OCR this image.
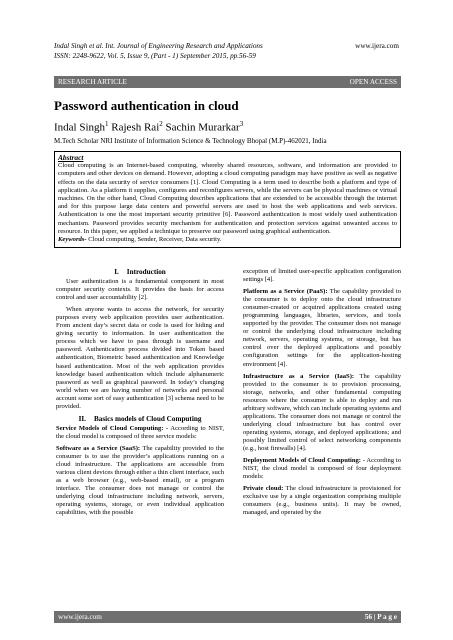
Indal Singh et al. Int. Journal of Engineering Research and Applications
ISSN: 2248-9622, Vol. 5, Issue 9, (Part - 1) September 2015, pp.56-59
www.ijera.com
RESEARCH ARTICLE	OPEN ACCESS
Password authentication in cloud
Indal Singh$^1$ Rajesh Rai$^2$ Sachin Murarkar$^3$
M.Tech Scholar NRI Institute of Information Science & Technology Bhopal (M.P)-462021, India
Abstract

Cloud computing is an Internet-based computing, whereby shared resources, software, and information are provided to computers and other devices on demand. However, adopting a cloud computing paradigm may have positive as well as negative effects on the data security of service consumers [1]. Cloud Computing is a term used to describe both a platform and type of application. As a platform it supplies, configures and reconfigures servers, while the servers can be physical machines or virtual machines. On the other hand, Cloud Computing describes applications that are extended to be accessible through the internet and for this purpose large data centers and powerful servers are used to host the web applications and web services. Authentication is one the most important security primitive [6]. Password authentication is most widely used authentication mechanism. Password provides security mechanism for authentication and protection services against unwanted access to resource. In this paper, we applied a technique to preserve our password using graphical authentication.

Keywords- Cloud computing, Sender, Receiver, Data security.

I. Introduction

User authentication is a fundamental component in most computer security contexts. It provides the basis for access control and user accountability [2].

When anyone wants to access the network, for security purposes every web application provides user authentication. From ancient day’s secret data or code is used for hiding and giving security to information. In user authentication the process which we have to pass through is username and password. Authentication process divided into Token based authentication, Biometric based authentication and Knowledge based authentication. Most of the web application provides knowledge based authentication which include alphanumeric password as well as graphical password. In today’s changing world when we are having number of networks and personal account some sort of easy authentication [3] schema need to be provided.

II. Basics models of Cloud Computing

Service Models of Cloud Computing: - According to NIST, the cloud model is composed of three service models:

Software as a Service (SaaS): The capability provided to the consumer is to use the provider’s applications running on a cloud infrastructure. The applications are accessible from various client devices through either a thin client interface, such as a web browser (e.g., web-based email), or a program interface. The consumer does not manage or control the underlying cloud infrastructure including network, servers, operating systems, storage, or even individual application capabilities, with the possible

exception of limited user-specific application configuration settings [4].

Platform as a Service (PaaS): The capability provided to the consumer is to deploy onto the cloud infrastructure consumer-created or acquired applications created using programming languages, libraries, services, and tools supported by the provider. The consumer does not manage or control the underlying cloud infrastructure including network, servers, operating systems, or storage, but has control over the deployed applications and possibly configuration settings for the application-hosting environment [4].

Infrastructure as a Service (IaaS): The capability provided to the consumer is to provision processing, storage, networks, and other fundamental computing resources where the consumer is able to deploy and run arbitrary software, which can include operating systems and applications. The consumer does not manage or control the underlying cloud infrastructure but has control over operating systems, storage, and deployed applications; and possibly limited control of select networking components (e.g., host firewalls) [4].

Deployment Models of Cloud Computing: - According to NIST, the cloud model is composed of four deployment models:

Private cloud: The cloud infrastructure is provisioned for exclusive use by a single organization comprising multiple consumers (e.g., business units). It may be owned, managed, and operated by the

www.ijera.com	56 | P a g e
